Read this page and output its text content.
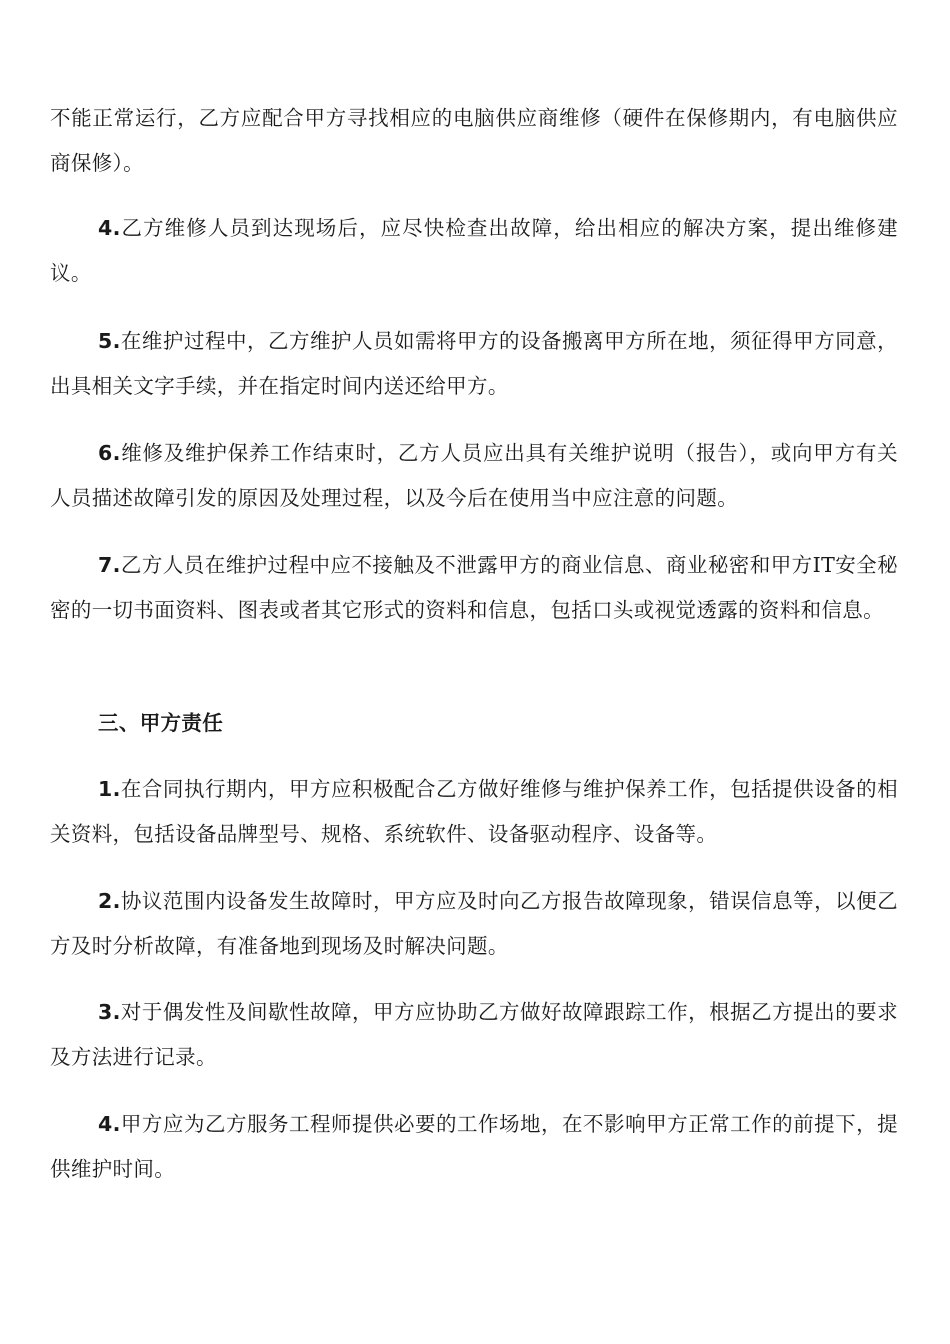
不能正常运行，乙方应配合甲方寻找相应的电脑供应商维修（硬件在保修期内，有电脑供应商保修）。

4.乙方维修人员到达现场后，应尽快检查出故障，给出相应的解决方案，提出维修建议。

5.在维护过程中，乙方维护人员如需将甲方的设备搬离甲方所在地，须征得甲方同意，出具相关文字手续，并在指定时间内送还给甲方。

6.维修及维护保养工作结束时，乙方人员应出具有关维护说明（报告），或向甲方有关人员描述故障引发的原因及处理过程，以及今后在使用当中应注意的问题。

7.乙方人员在维护过程中应不接触及不泄露甲方的商业信息、商业秘密和甲方IT安全秘密的一切书面资料、图表或者其它形式的资料和信息，包括口头或视觉透露的资料和信息。

三、甲方责任

1.在合同执行期内，甲方应积极配合乙方做好维修与维护保养工作，包括提供设备的相关资料，包括设备品牌型号、规格、系统软件、设备驱动程序、设备等。

2.协议范围内设备发生故障时，甲方应及时向乙方报告故障现象，错误信息等，以便乙方及时分析故障，有准备地到现场及时解决问题。

3.对于偶发性及间歇性故障，甲方应协助乙方做好故障跟踪工作，根据乙方提出的要求及方法进行记录。

4.甲方应为乙方服务工程师提供必要的工作场地，在不影响甲方正常工作的前提下，提供维护时间。
